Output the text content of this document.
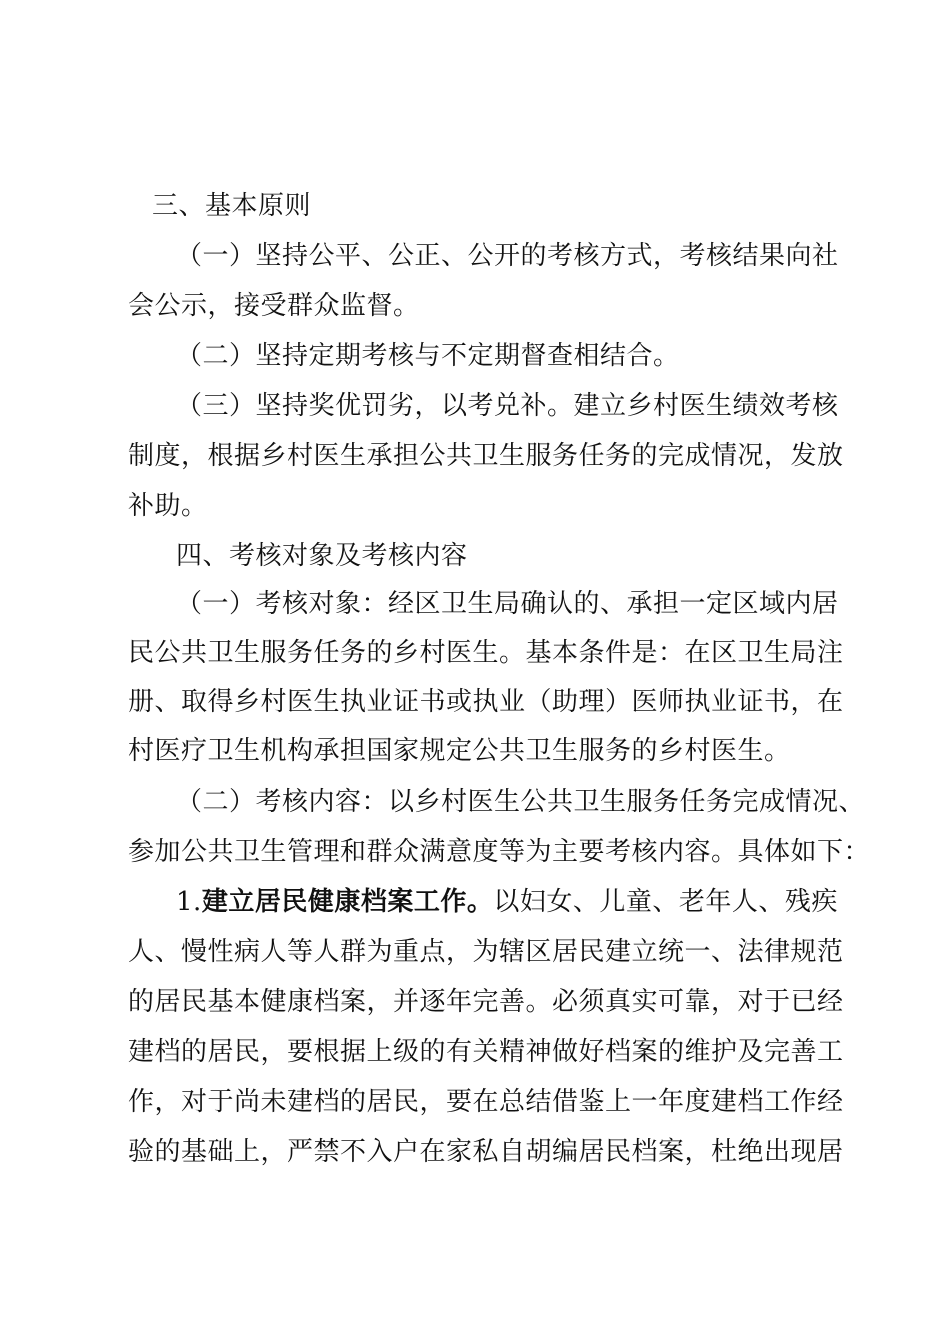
三、基本原则
（一）坚持公平、公正、公开的考核方式，考核结果向社
会公示，接受群众监督。
（二）坚持定期考核与不定期督查相结合。
（三）坚持奖优罚劣，以考兑补。建立乡村医生绩效考核
制度，根据乡村医生承担公共卫生服务任务的完成情况，发放
补助。
四、考核对象及考核内容
（一）考核对象：经区卫生局确认的、承担一定区域内居
民公共卫生服务任务的乡村医生。基本条件是：在区卫生局注
册、取得乡村医生执业证书或执业（助理）医师执业证书，在
村医疗卫生机构承担国家规定公共卫生服务的乡村医生。
（二）考核内容：以乡村医生公共卫生服务任务完成情况、
参加公共卫生管理和群众满意度等为主要考核内容。具体如下：
1.建立居民健康档案工作。以妇女、儿童、老年人、残疾
人、慢性病人等人群为重点，为辖区居民建立统一、法律规范
的居民基本健康档案，并逐年完善。必须真实可靠，对于已经
建档的居民，要根据上级的有关精神做好档案的维护及完善工
作，对于尚未建档的居民，要在总结借鉴上一年度建档工作经
验的基础上，严禁不入户在家私自胡编居民档案，杜绝出现居
